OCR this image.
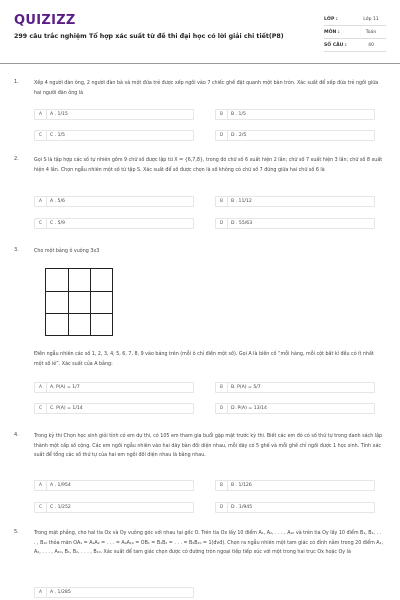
QUIZIZZ
299 câu trắc nghiệm Tổ hợp xác suất từ đề thi đại học có lời giải chi tiết(P8)
LỚP :	Lớp 11
MÔN :	Toán
SỐ CÂU :	40
1.	Xếp 4 người đàn ông, 2 người đàn bà và một đứa trẻ được xếp ngồi vào 7 chiếc ghế đặt quanh một bàn tròn. Xác suất để xếp đứa trẻ ngồi giữa hai người đàn ông là
A	A . 1/15	B	B . 1/5
C	C . 1/5	D	D . 2/5
2.	Gọi S là tập hợp các số tự nhiên gồm 9 chữ số được lập từ X = {6,7,8}, trong đó chữ số 6 xuất hiện 2 lần; chữ số 7 xuất hiện 3 lần; chữ số 8 xuất hiện 4 lần. Chọn ngẫu nhiên một số từ tập S. Xác suất để số được chọn là số không có chữ số 7 đứng giữa hai chữ số 6 là
A	A . 5/6	B	B . 11/12
C	C . 5/9	D	D . 55/63
3.	Cho một bảng ô vuông 3x3
Điền ngẫu nhiên các số 1, 2, 3, 4, 5, 6, 7, 8, 9 vào bảng trên (mỗi ô chỉ điền một số). Gọi A là biến cố “mỗi hàng, mỗi cột bất kì đều có ít nhất một số lẻ”. Xác suất của A bằng:
A	A. P(A) = 1/7	B	B. P(A) = 5/7
C	C. P(A) = 1/14	D	D. P(A) = 13/14
4.	Trong kỳ thi Chọn học sinh giỏi tỉnh có em dự thi, có 105 em tham gia buổi gặp mặt trước kỳ thi. Biết các em đó có số thứ tự trong danh sách lập thành một cấp số cộng. Các em ngồi ngẫu nhiên vào hai dãy bàn đối diện nhau, mỗi dãy có 5 ghế và mỗi ghế chỉ ngồi được 1 học sinh. Tính xác suất để tổng các số thứ tự của hai em ngồi đối diện nhau là bằng nhau.
A	A . 1/954	B	B . 1/126
C	C . 1/252	D	D . 1/945
5.	Trong mặt phẳng, cho hai tia Ox và Oy vuông góc với nhau tại gốc O. Trên tia Ox lấy 10 điểm A₁, A₂, . . . , A₁₀ và trên tia Oy lấy 10 điểm B₁, B₂, . . . , B₁₀ thỏa mãn OA₁ = A₁A₂ = . . . = A₉A₁₀ = OB₁ = B₁B₂ = . . . = B₉B₁₀ = 1(đvđ). Chọn ra ngẫu nhiên một tam giác có đỉnh nằm trong 20 điểm A₁, A₂, . . . , A₁₀, B₁, B₂, . . . , B₁₀. Xác suất để tam giác chọn được có đường tròn ngoại tiếp tiếp xúc với một trong hai trục Ox hoặc Oy là
A	A . 1/285
